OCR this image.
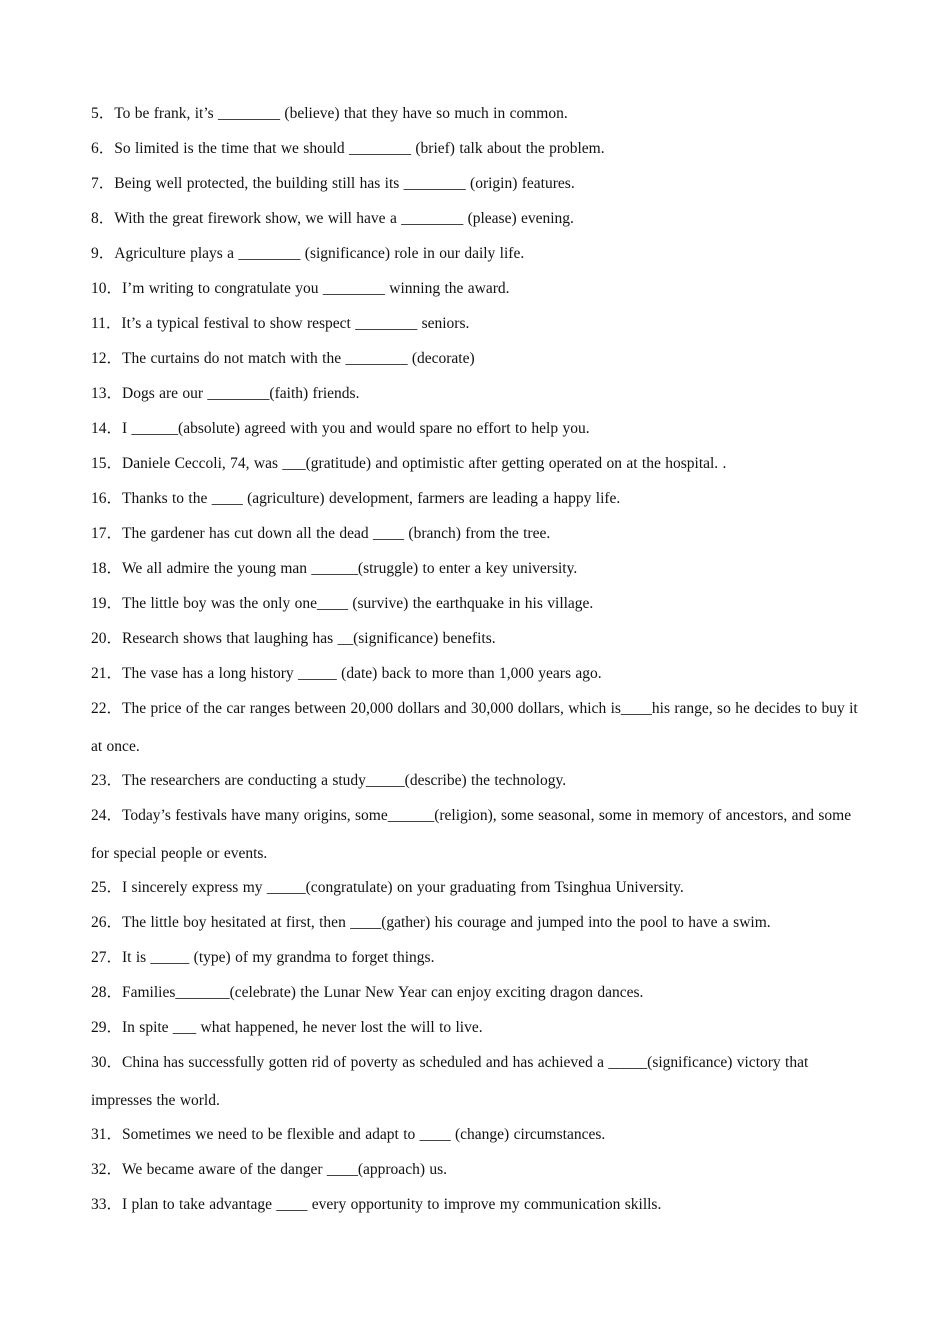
5．To be frank, it’s ________ (believe) that they have so much in common.

6．So limited is the time that we should ________ (brief) talk about the problem.

7．Being well protected, the building still has its ________ (origin) features.

8．With the great firework show, we will have a ________ (please) evening.

9．Agriculture plays a ________ (significance) role in our daily life.

10．I’m writing to congratulate you ________ winning the award.

11．It’s a typical festival to show respect ________ seniors.

12．The curtains do not match with the ________ (decorate)

13．Dogs are our ________(faith) friends.

14．I ______(absolute) agreed with you and would spare no effort to help you.

15．Daniele Ceccoli, 74, was ___(gratitude) and optimistic after getting operated on at the hospital. .

16．Thanks to the ____ (agriculture) development, farmers are leading a happy life.

17．The gardener has cut down all the dead ____ (branch) from the tree.

18．We all admire the young man ______(struggle) to enter a key university.

19．The little boy was the only one____ (survive) the earthquake in his village.

20．Research shows that laughing has __(significance) benefits.

21．The vase has a long history _____ (date) back to more than 1,000 years ago.

22．The price of the car ranges between 20,000 dollars and 30,000 dollars, which is____his range, so he decides to buy it at once.

23．The researchers are conducting a study_____(describe) the technology.

24．Today’s festivals have many origins, some______(religion), some seasonal, some in memory of ancestors, and some for special people or events.

25．I sincerely express my _____(congratulate) on your graduating from Tsinghua University.

26．The little boy hesitated at first, then ____(gather) his courage and jumped into the pool to have a swim.

27．It is _____ (type) of my grandma to forget things.

28．Families_______(celebrate) the Lunar New Year can enjoy exciting dragon dances.

29．In spite ___ what happened, he never lost the will to live.

30．China has successfully gotten rid of poverty as scheduled and has achieved a _____(significance) victory that impresses the world.

31．Sometimes we need to be flexible and adapt to ____ (change) circumstances.

32．We became aware of the danger ____(approach) us.

33．I plan to take advantage ____ every opportunity to improve my communication skills.
